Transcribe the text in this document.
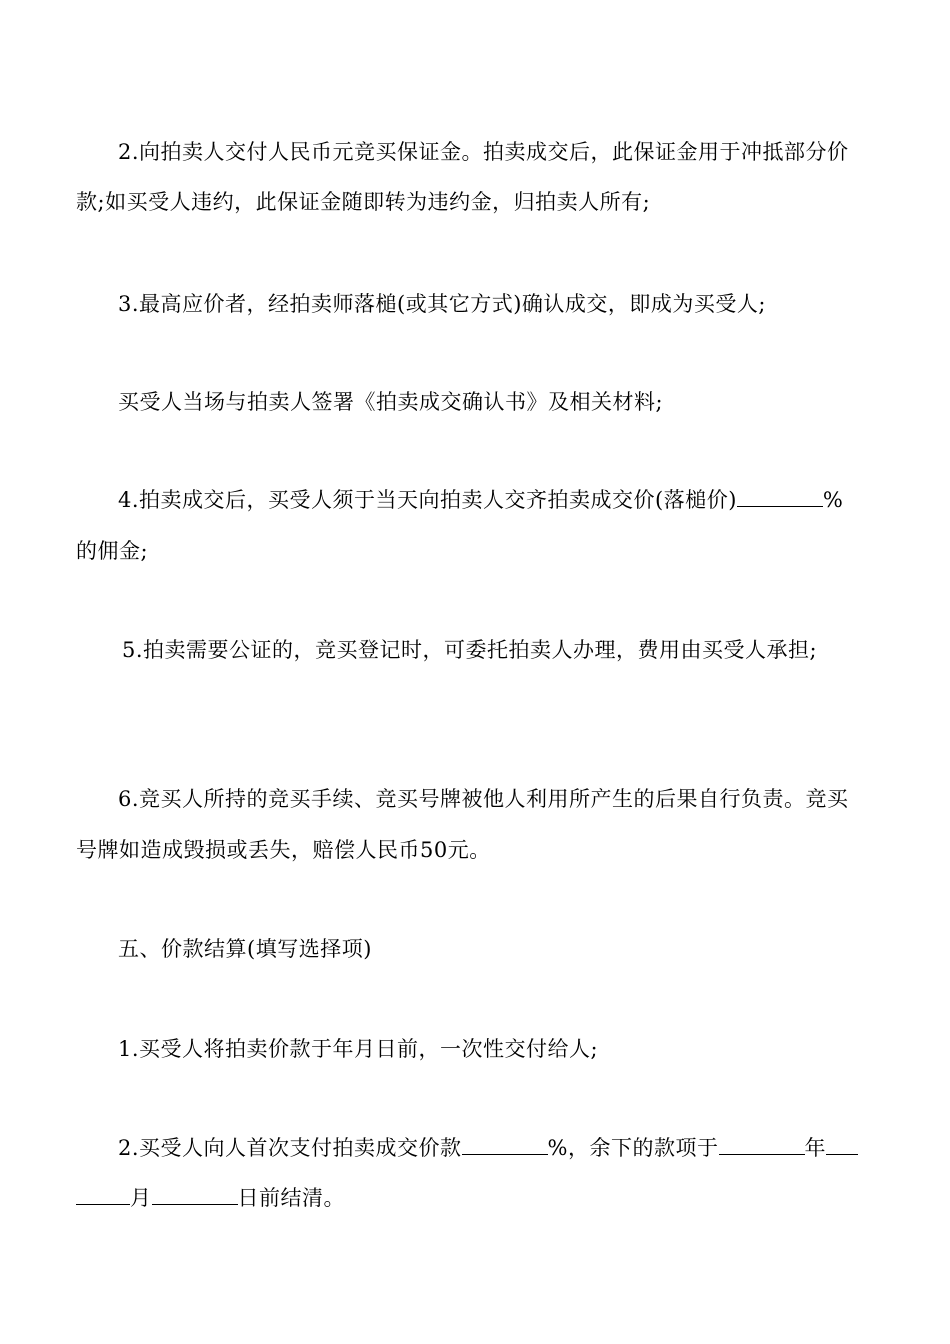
2.向拍卖人交付人民币元竞买保证金。拍卖成交后，此保证金用于冲抵部分价
款;如买受人违约，此保证金随即转为违约金，归拍卖人所有;
3.最高应价者，经拍卖师落槌(或其它方式)确认成交，即成为买受人;
买受人当场与拍卖人签署《拍卖成交确认书》及相关材料;
4.拍卖成交后，买受人须于当天向拍卖人交齐拍卖成交价(落槌价)	%
的佣金;
5.拍卖需要公证的，竞买登记时，可委托拍卖人办理，费用由买受人承担;
6.竞买人所持的竞买手续、竞买号牌被他人利用所产生的后果自行负责。竞买
号牌如造成毁损或丢失，赔偿人民币50元。
五、价款结算(填写选择项)
1.买受人将拍卖价款于年月日前，一次性交付给人;
2.买受人向人首次支付拍卖成交价款	%，余下的款项于	年
月	日前结清。
